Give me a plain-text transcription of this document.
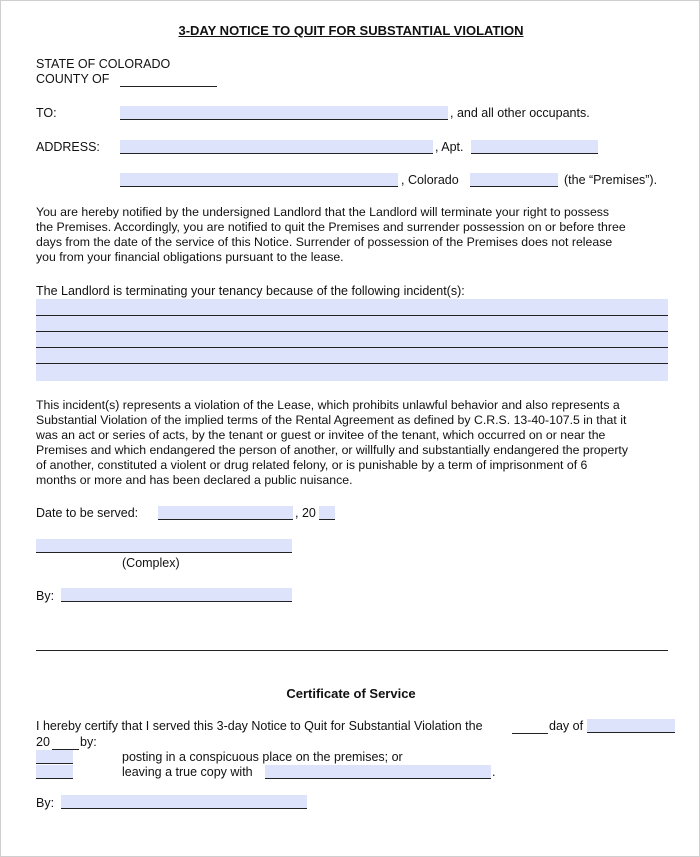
3-DAY NOTICE TO QUIT FOR SUBSTANTIAL VIOLATION
STATE OF COLORADO
COUNTY OF
TO:	, and all other occupants.
ADDRESS:	, Apt.
, Colorado	(the “Premises”).
You are hereby notified by the undersigned Landlord that the Landlord will terminate your right to possess
the Premises. Accordingly, you are notified to quit the Premises and surrender possession on or before three
days from the date of the service of this Notice. Surrender of possession of the Premises does not release
you from your financial obligations pursuant to the lease.
The Landlord is terminating your tenancy because of the following incident(s):
This incident(s) represents a violation of the Lease, which prohibits unlawful behavior and also represents a
Substantial Violation of the implied terms of the Rental Agreement as defined by C.R.S. 13-40-107.5 in that it
was an act or series of acts, by the tenant or guest or invitee of the tenant, which occurred on or near the
Premises and which endangered the person of another, or willfully and substantially endangered the property
of another, constituted a violent or drug related felony, or is punishable by a term of imprisonment of 6
months or more and has been declared a public nuisance.
Date to be served:	, 20
(Complex)
By:
Certificate of Service
I hereby certify that I served this 3-day Notice to Quit for Substantial Violation the	day of
20 by:
posting in a conspicuous place on the premises; or
leaving a true copy with	.
By:
